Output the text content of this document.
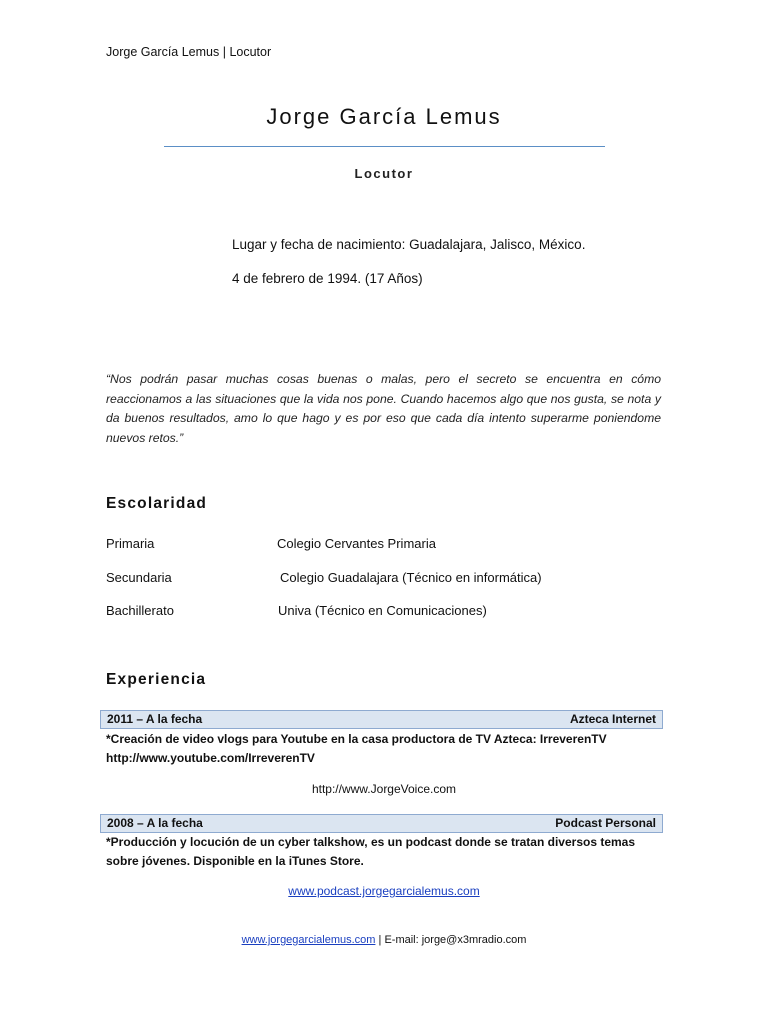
Jorge García Lemus | Locutor
Jorge García Lemus
Locutor
Lugar y fecha de nacimiento: Guadalajara, Jalisco, México.
4 de febrero de 1994. (17 Años)
“Nos podrán pasar muchas cosas buenas o malas, pero el secreto se encuentra en cómo reaccionamos a las situaciones que la vida nos pone. Cuando hacemos algo que nos gusta, se nota y da buenos resultados, amo lo que hago y es por eso que cada día intento superarme poniendome nuevos retos.”
Escolaridad
Primaria	Colegio Cervantes Primaria
Secundaria	Colegio Guadalajara (Técnico en informática)
Bachillerato	Univa (Técnico en Comunicaciones)
Experiencia
2011 – A la fecha	Azteca Internet
*Creación de video vlogs para Youtube en la casa productora de TV Azteca: IrreverenTV http://www.youtube.com/IrreverenTV
http://www.JorgeVoice.com
2008 – A la fecha	Podcast Personal
*Producción y locución de un cyber talkshow, es un podcast donde se tratan diversos temas sobre jóvenes. Disponible en la iTunes Store.
www.podcast.jorgegarcialemus.com
www.jorgegarcialemus.com | E-mail: jorge@x3mradio.com
